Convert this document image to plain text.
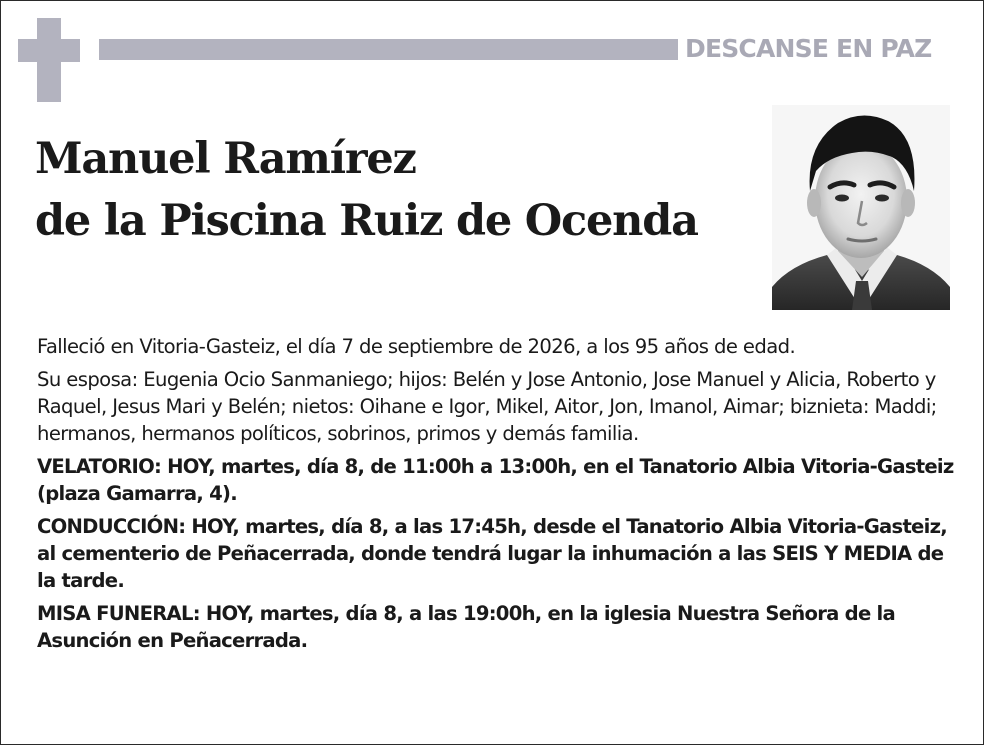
DESCANSE EN PAZ
Manuel Ramírez
de la Piscina Ruiz de Ocenda

Falleció en Vitoria-Gasteiz, el día 7 de septiembre de 2026, a los 95 años de edad.

Su esposa: Eugenia Ocio Sanmaniego; hijos: Belén y Jose Antonio, Jose Manuel y Alicia, Roberto y Raquel, Jesus Mari y Belén; nietos: Oihane e Igor, Mikel, Aitor, Jon, Imanol, Aimar; biznieta: Maddi; hermanos, hermanos políticos, sobrinos, primos y demás familia.

VELATORIO: HOY, martes, día 8, de 11:00h a 13:00h, en el Tanatorio Albia Vitoria-Gasteiz (plaza Gamarra, 4).

CONDUCCIÓN: HOY, martes, día 8, a las 17:45h, desde el Tanatorio Albia Vitoria-Gasteiz, al cementerio de Peñacerrada, donde tendrá lugar la inhumación a las SEIS Y MEDIA de la tarde.

MISA FUNERAL: HOY, martes, día 8, a las 19:00h, en la iglesia Nuestra Señora de la Asunción en Peñacerrada.
